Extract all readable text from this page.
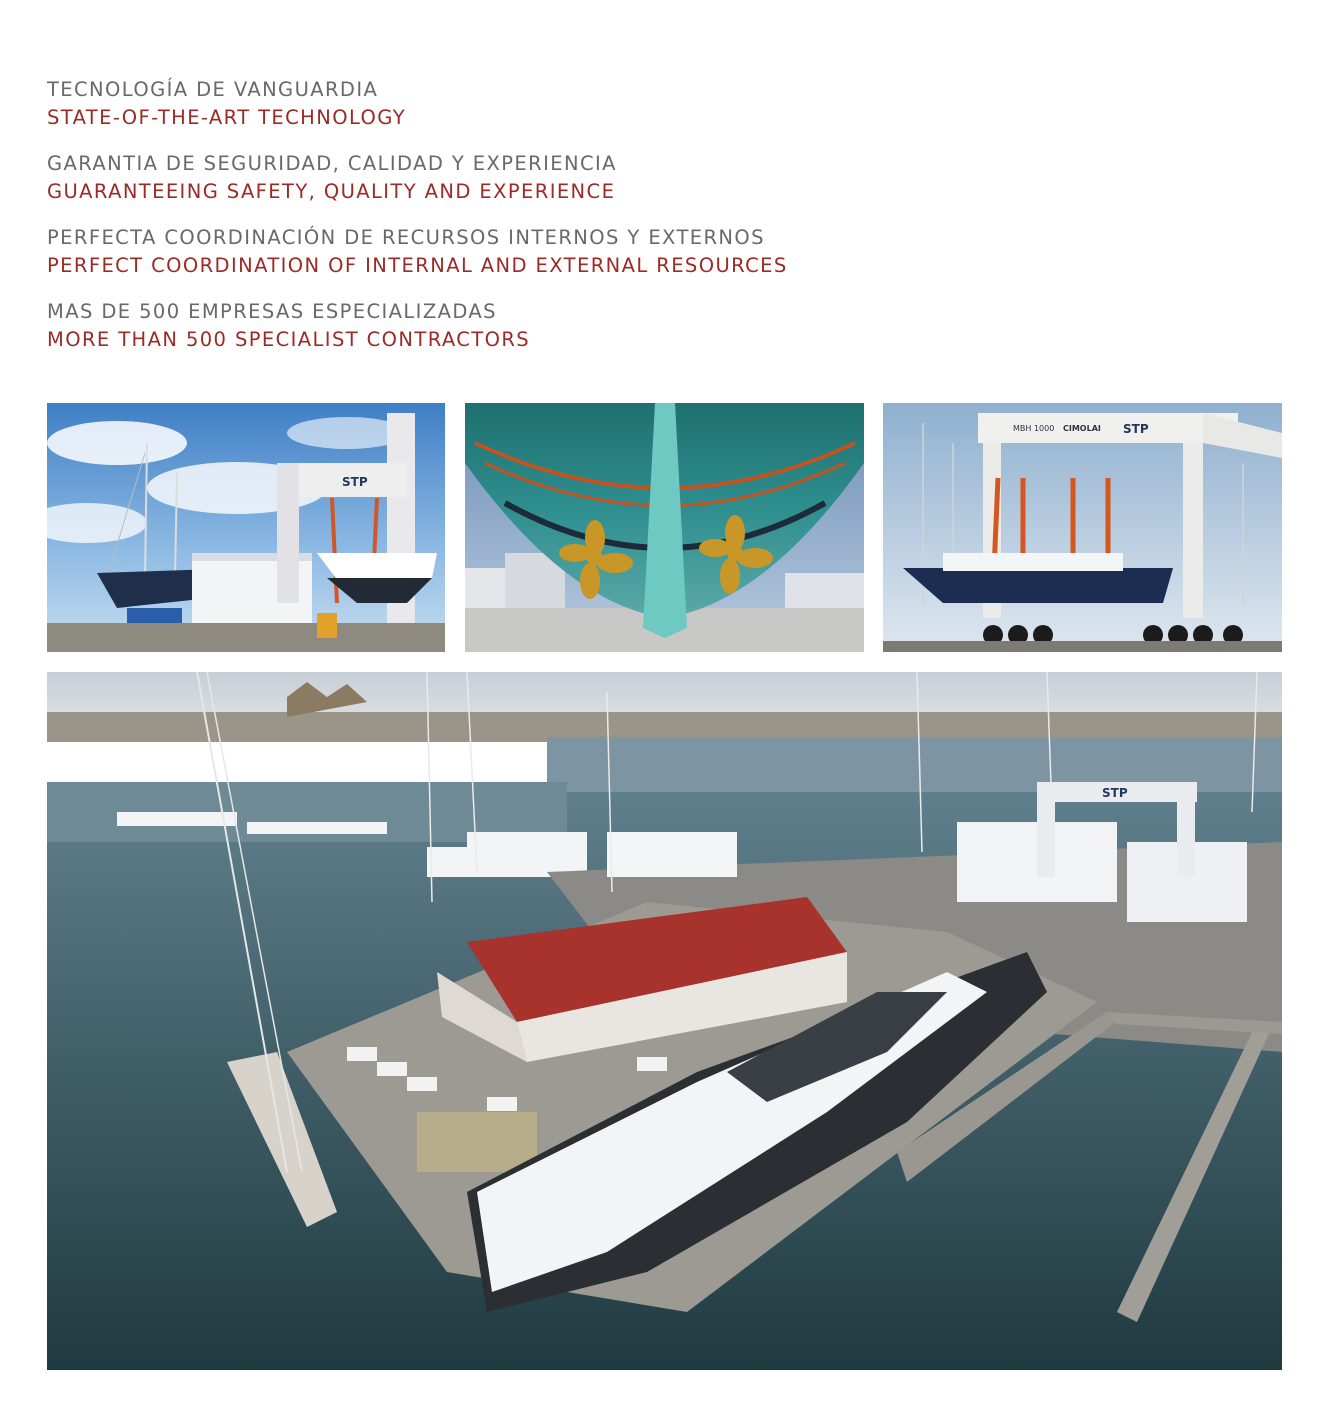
TECNOLOGÍA DE VANGUARDIA
STATE-OF-THE-ART TECHNOLOGY
GARANTIA DE SEGURIDAD, CALIDAD Y EXPERIENCIA
GUARANTEEING SAFETY, QUALITY AND EXPERIENCE
PERFECTA COORDINACIÓN DE RECURSOS INTERNOS Y EXTERNOS
PERFECT COORDINATION OF INTERNAL AND EXTERNAL RESOURCES
MAS DE 500 EMPRESAS ESPECIALIZADAS
MORE THAN 500 SPECIALIST CONTRACTORS
STP
MBH 1000 CIMOLAI STP
STP
